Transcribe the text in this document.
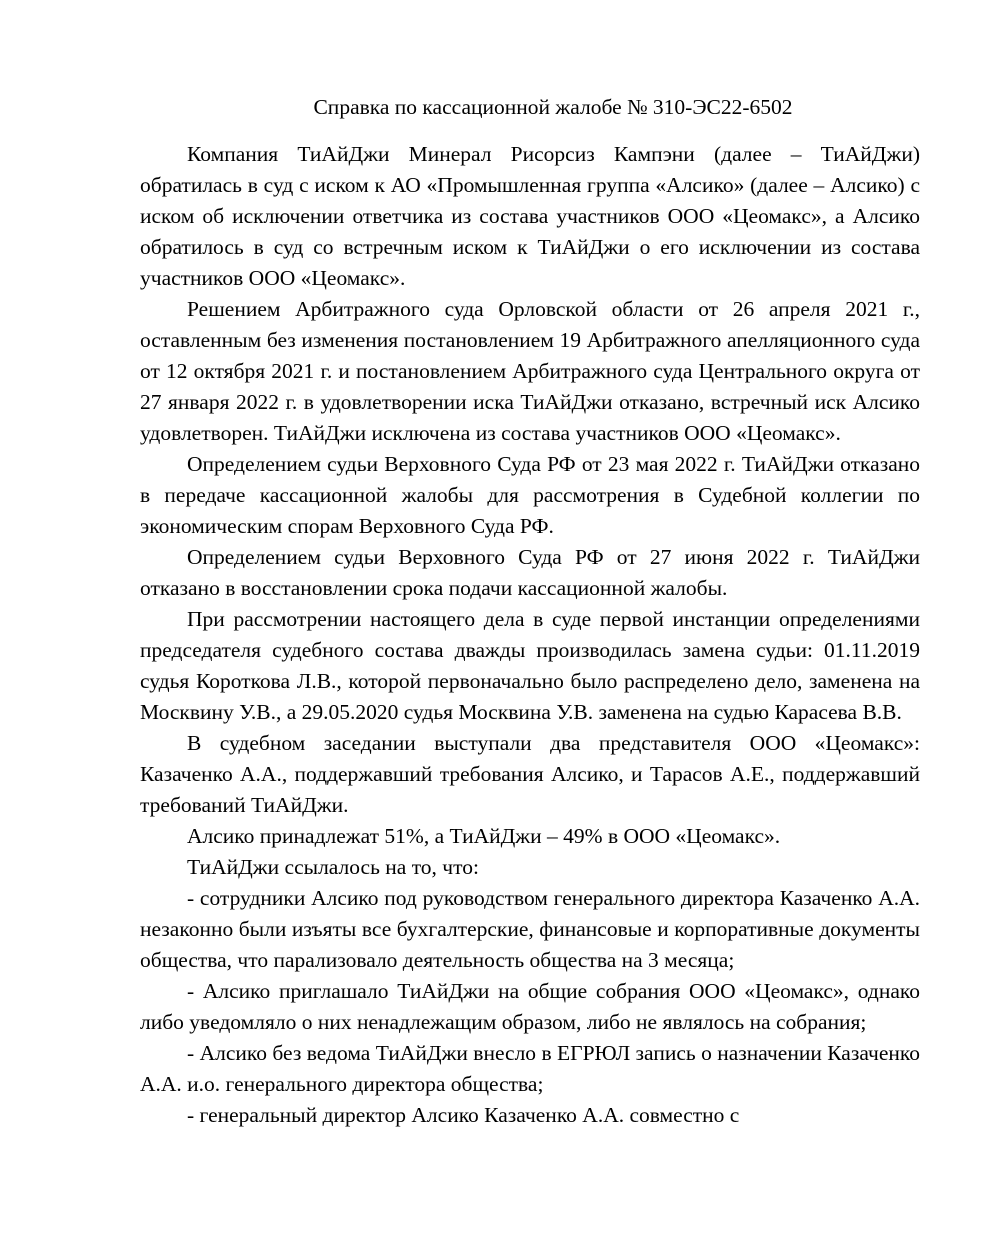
Справка по кассационной жалобе № 310-ЭС22-6502

Компания ТиАйДжи Минерал Рисорсиз Кампэни (далее – ТиАйДжи) обратилась в суд с иском к АО «Промышленная группа «Алсико» (далее – Алсико) с иском об исключении ответчика из состава участников ООО «Цеомакс», а Алсико обратилось в суд со встречным иском к ТиАйДжи о его исключении из состава участников ООО «Цеомакс».

Решением Арбитражного суда Орловской области от 26 апреля 2021 г., оставленным без изменения постановлением 19 Арбитражного апелляционного суда от 12 октября 2021 г. и постановлением Арбитражного суда Центрального округа от 27 января 2022 г. в удовлетворении иска ТиАйДжи отказано, встречный иск Алсико удовлетворен. ТиАйДжи исключена из состава участников ООО «Цеомакс».

Определением судьи Верховного Суда РФ от 23 мая 2022 г. ТиАйДжи отказано в передаче кассационной жалобы для рассмотрения в Судебной коллегии по экономическим спорам Верховного Суда РФ.

Определением судьи Верховного Суда РФ от 27 июня 2022 г. ТиАйДжи отказано в восстановлении срока подачи кассационной жалобы.

При рассмотрении настоящего дела в суде первой инстанции определениями председателя судебного состава дважды производилась замена судьи: 01.11.2019 судья Короткова Л.В., которой первоначально было распределено дело, заменена на Москвину У.В., а 29.05.2020 судья Москвина У.В. заменена на судью Карасева В.В.

В судебном заседании выступали два представителя ООО «Цеомакс»: Казаченко А.А., поддержавший требования Алсико, и Тарасов А.Е., поддержавший требований ТиАйДжи.

Алсико принадлежат 51%, а ТиАйДжи – 49% в ООО «Цеомакс».

ТиАйДжи ссылалось на то, что:

- сотрудники Алсико под руководством генерального директора Казаченко А.А. незаконно были изъяты все бухгалтерские, финансовые и корпоративные документы общества, что парализовало деятельность общества на 3 месяца;

- Алсико приглашало ТиАйДжи на общие собрания ООО «Цеомакс», однако либо уведомляло о них ненадлежащим образом, либо не являлось на собрания;

- Алсико без ведома ТиАйДжи внесло в ЕГРЮЛ запись о назначении Казаченко А.А. и.о. генерального директора общества;

- генеральный директор Алсико Казаченко А.А. совместно с
